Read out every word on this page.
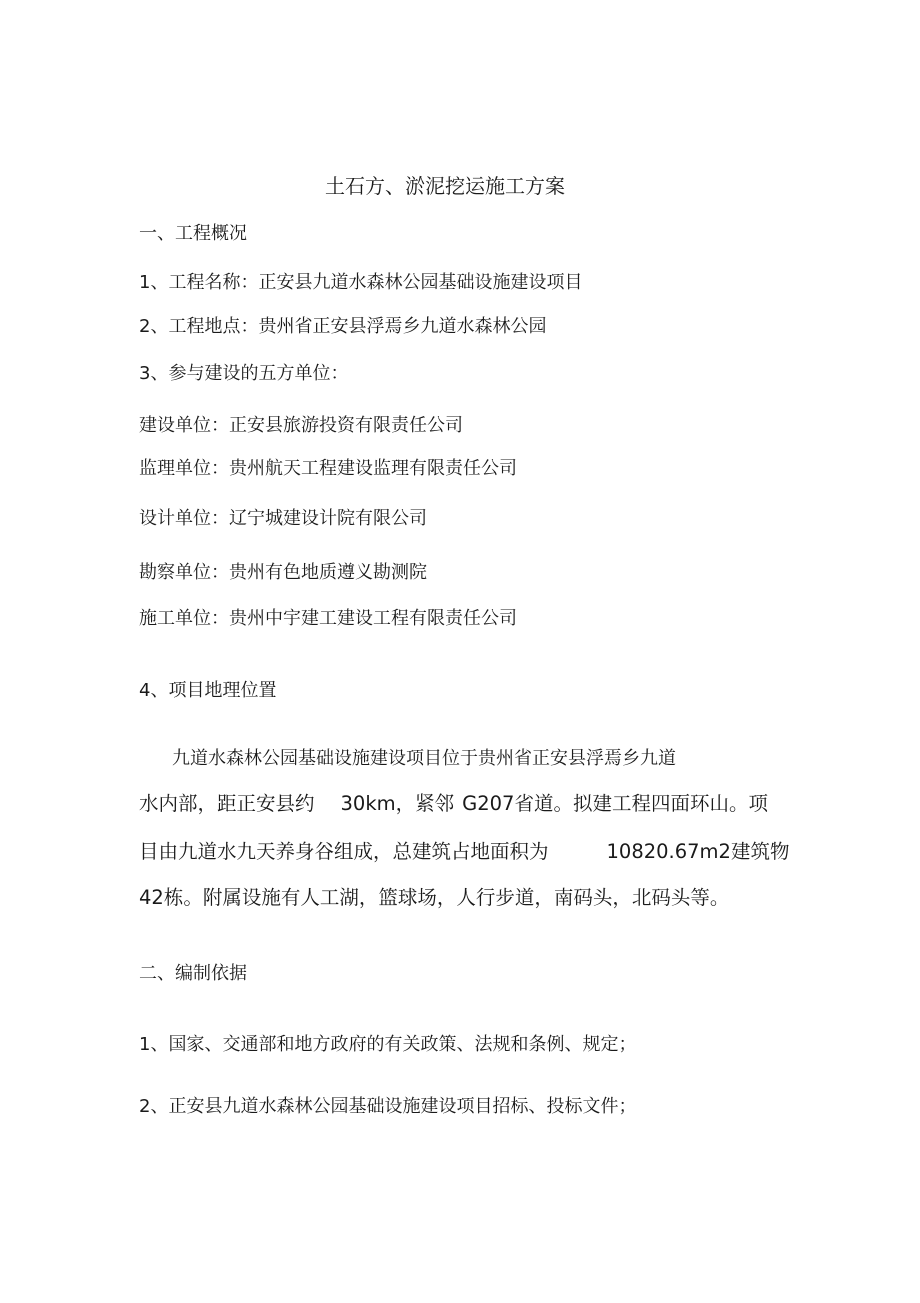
土石方、淤泥挖运施工方案
一、工程概况
1、工程名称：正安县九道水森林公园基础设施建设项目
2、工程地点：贵州省正安县浮焉乡九道水森林公园
3、参与建设的五方单位：
建设单位：正安县旅游投资有限责任公司
监理单位：贵州航天工程建设监理有限责任公司
设计单位：辽宁城建设计院有限公司
勘察单位：贵州有色地质遵义勘测院
施工单位：贵州中宇建工建设工程有限责任公司
4、项目地理位置
九道水森林公园基础设施建设项目位于贵州省正安县浮焉乡九道
水内部，距正安县约 30km，紧邻 G207省道。拟建工程四面环山。项
目由九道水九天养身谷组成，总建筑占地面积为	10820.67m2建筑物
42栋。附属设施有人工湖，篮球场，人行步道，南码头，北码头等。
二、编制依据
1、国家、交通部和地方政府的有关政策、法规和条例、规定；
2、正安县九道水森林公园基础设施建设项目招标、投标文件；
